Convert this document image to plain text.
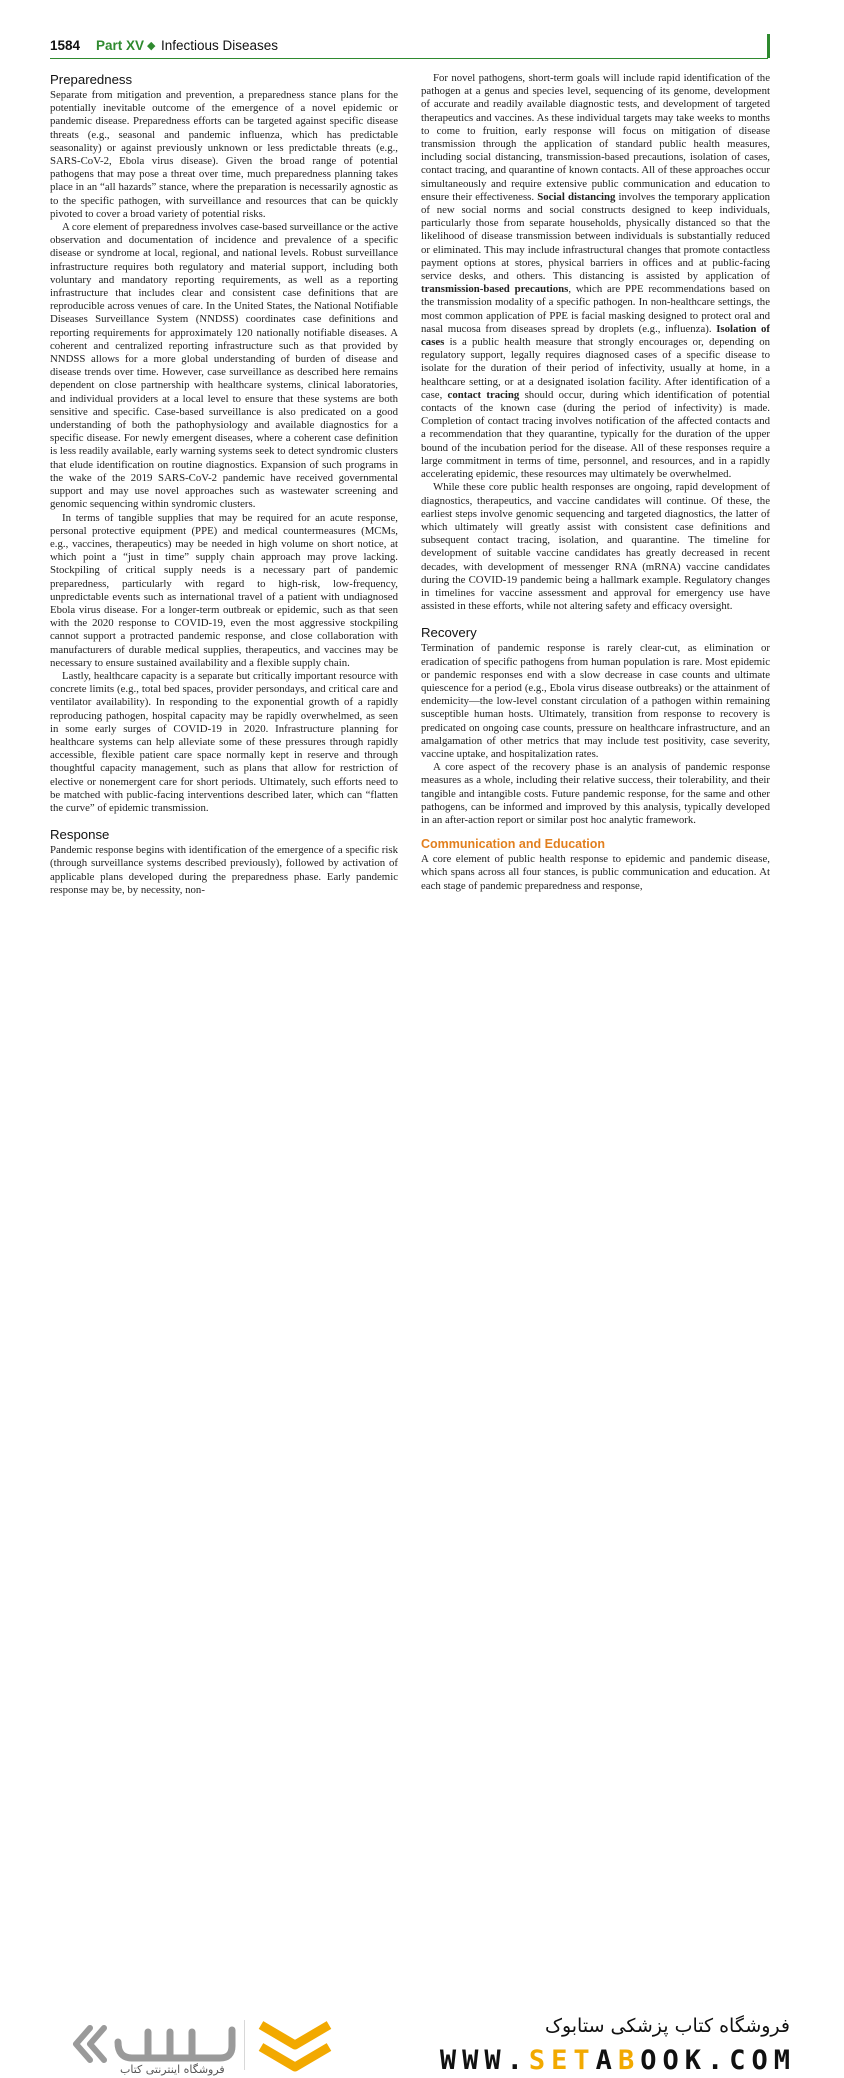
1584 Part XV ◆ Infectious Diseases
Preparedness

Separate from mitigation and prevention, a preparedness stance plans for the potentially inevitable outcome of the emergence of a novel epidemic or pandemic disease. Preparedness efforts can be targeted against specific disease threats (e.g., seasonal and pandemic influenza, which has predictable seasonality) or against previously unknown or less predictable threats (e.g., SARS-CoV-2, Ebola virus disease). Given the broad range of potential pathogens that may pose a threat over time, much preparedness planning takes place in an “all hazards” stance, where the preparation is necessarily agnostic as to the specific pathogen, with surveillance and resources that can be quickly pivoted to cover a broad variety of potential risks.

A core element of preparedness involves case-based surveillance or the active observation and documentation of incidence and prevalence of a specific disease or syndrome at local, regional, and national levels. Robust surveillance infrastructure requires both regulatory and material support, including both voluntary and mandatory reporting requirements, as well as a reporting infrastructure that includes clear and consistent case definitions that are reproducible across venues of care. In the United States, the National Notifiable Diseases Surveillance System (NNDSS) coordinates case definitions and reporting requirements for approximately 120 nationally notifiable diseases. A coherent and centralized reporting infrastructure such as that provided by NNDSS allows for a more global understanding of burden of disease and disease trends over time. However, case surveillance as described here remains dependent on close partnership with healthcare systems, clinical laboratories, and individual providers at a local level to ensure that these systems are both sensitive and specific. Case-based surveillance is also predicated on a good understanding of both the pathophysiology and available diagnostics for a specific disease. For newly emergent diseases, where a coherent case definition is less readily available, early warning systems seek to detect syndromic clusters that elude identification on routine diagnostics. Expansion of such programs in the wake of the 2019 SARS-CoV-2 pandemic have received governmental support and may use novel approaches such as wastewater screening and genomic sequencing within syndromic clusters.

In terms of tangible supplies that may be required for an acute response, personal protective equipment (PPE) and medical countermeasures (MCMs, e.g., vaccines, therapeutics) may be needed in high volume on short notice, at which point a “just in time” supply chain approach may prove lacking. Stockpiling of critical supply needs is a necessary part of pandemic preparedness, particularly with regard to high-risk, low-frequency, unpredictable events such as international travel of a patient with undiagnosed Ebola virus disease. For a longer-term outbreak or epidemic, such as that seen with the 2020 response to COVID-19, even the most aggressive stockpiling cannot support a protracted pandemic response, and close collaboration with manufacturers of durable medical supplies, therapeutics, and vaccines may be necessary to ensure sustained availability and a flexible supply chain.

Lastly, healthcare capacity is a separate but critically important resource with concrete limits (e.g., total bed spaces, provider persondays, and critical care and ventilator availability). In responding to the exponential growth of a rapidly reproducing pathogen, hospital capacity may be rapidly overwhelmed, as seen in some early surges of COVID-19 in 2020. Infrastructure planning for healthcare systems can help alleviate some of these pressures through rapidly accessible, flexible patient care space normally kept in reserve and through thoughtful capacity management, such as plans that allow for restriction of elective or nonemergent care for short periods. Ultimately, such efforts need to be matched with public-facing interventions described later, which can “flatten the curve” of epidemic transmission.

Response

Pandemic response begins with identification of the emergence of a specific risk (through surveillance systems described previously), followed by activation of applicable plans developed during the preparedness phase. Early pandemic response may be, by necessity, non-

For novel pathogens, short-term goals will include rapid identification of the pathogen at a genus and species level, sequencing of its genome, development of accurate and readily available diagnostic tests, and development of targeted therapeutics and vaccines. As these individual targets may take weeks to months to come to fruition, early response will focus on mitigation of disease transmission through the application of standard public health measures, including social distancing, transmission-based precautions, isolation of cases, contact tracing, and quarantine of known contacts. All of these approaches occur simultaneously and require extensive public communication and education to ensure their effectiveness. Social distancing involves the temporary application of new social norms and social constructs designed to keep individuals, particularly those from separate households, physically distanced so that the likelihood of disease transmission between individuals is substantially reduced or eliminated. This may include infrastructural changes that promote contactless payment options at stores, physical barriers in offices and at public-facing service desks, and others. This distancing is assisted by application of transmission-based precautions, which are PPE recommendations based on the transmission modality of a specific pathogen. In non-healthcare settings, the most common application of PPE is facial masking designed to protect oral and nasal mucosa from diseases spread by droplets (e.g., influenza). Isolation of cases is a public health measure that strongly encourages or, depending on regulatory support, legally requires diagnosed cases of a specific disease to isolate for the duration of their period of infectivity, usually at home, in a healthcare setting, or at a designated isolation facility. After identification of a case, contact tracing should occur, during which identification of potential contacts of the known case (during the period of infectivity) is made. Completion of contact tracing involves notification of the affected contacts and a recommendation that they quarantine, typically for the duration of the upper bound of the incubation period for the disease. All of these responses require a large commitment in terms of time, personnel, and resources, and in a rapidly accelerating epidemic, these resources may ultimately be overwhelmed.

While these core public health responses are ongoing, rapid development of diagnostics, therapeutics, and vaccine candidates will continue. Of these, the earliest steps involve genomic sequencing and targeted diagnostics, the latter of which ultimately will greatly assist with consistent case definitions and subsequent contact tracing, isolation, and quarantine. The timeline for development of suitable vaccine candidates has greatly decreased in recent decades, with development of messenger RNA (mRNA) vaccine candidates during the COVID-19 pandemic being a hallmark example. Regulatory changes in timelines for vaccine assessment and approval for emergency use have assisted in these efforts, while not altering safety and efficacy oversight.

Recovery

Termination of pandemic response is rarely clear-cut, as elimination or eradication of specific pathogens from human population is rare. Most epidemic or pandemic responses end with a slow decrease in case counts and ultimate quiescence for a period (e.g., Ebola virus disease outbreaks) or the attainment of endemicity—the low-level constant circulation of a pathogen within remaining susceptible human hosts. Ultimately, transition from response to recovery is predicated on ongoing case counts, pressure on healthcare infrastructure, and an amalgamation of other metrics that may include test positivity, case severity, vaccine uptake, and hospitalization rates.

A core aspect of the recovery phase is an analysis of pandemic response measures as a whole, including their relative success, their tolerability, and their tangible and intangible costs. Future pandemic response, for the same and other pathogens, can be informed and improved by this analysis, typically developed in an after-action report or similar post hoc analytic framework.

Communication and Education

A core element of public health response to epidemic and pandemic disease, which spans across all four stances, is public communication and education. At each stage of pandemic preparedness and response,

فروشگاه اینترنتی کتاب
فروشگاه کتاب پزشکی ستابوک
WWW.SETABOOK.COM
